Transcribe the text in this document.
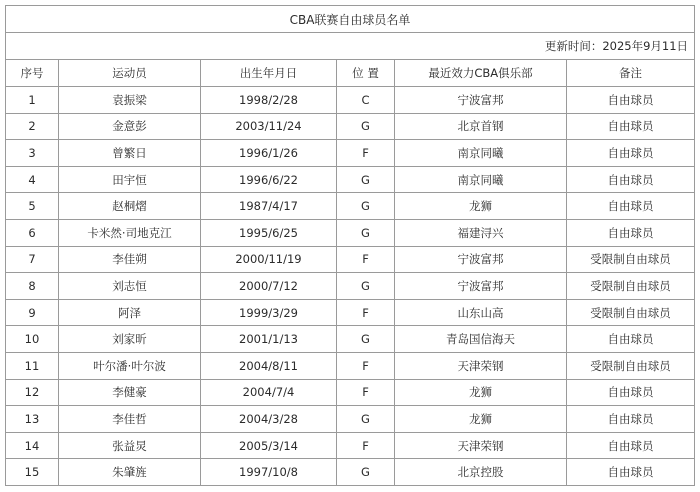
CBA联赛自由球员名单					
更新时间：2025年9月11日					
序号	运动员	出生年月日	位 置	最近效力CBA俱乐部	备注
1	袁振梁	1998/2/28	C	宁波富邦	自由球员
2	金意彭	2003/11/24	G	北京首钢	自由球员
3	曾繁日	1996/1/26	F	南京同曦	自由球员
4	田宇恒	1996/6/22	G	南京同曦	自由球员
5	赵桐熠	1987/4/17	G	龙狮	自由球员
6	卡米然·司地克江	1995/6/25	G	福建浔兴	自由球员
7	李佳朔	2000/11/19	F	宁波富邦	受限制自由球员
8	刘志恒	2000/7/12	G	宁波富邦	受限制自由球员
9	阿泽	1999/3/29	F	山东山高	受限制自由球员
10	刘家昕	2001/1/13	G	青岛国信海天	自由球员
11	叶尔潘·叶尔波	2004/8/11	F	天津荣钢	受限制自由球员
12	李健豪	2004/7/4	F	龙狮	自由球员
13	李佳哲	2004/3/28	G	龙狮	自由球员
14	张益炅	2005/3/14	F	天津荣钢	自由球员
15	朱肇旌	1997/10/8	G	北京控股	自由球员
